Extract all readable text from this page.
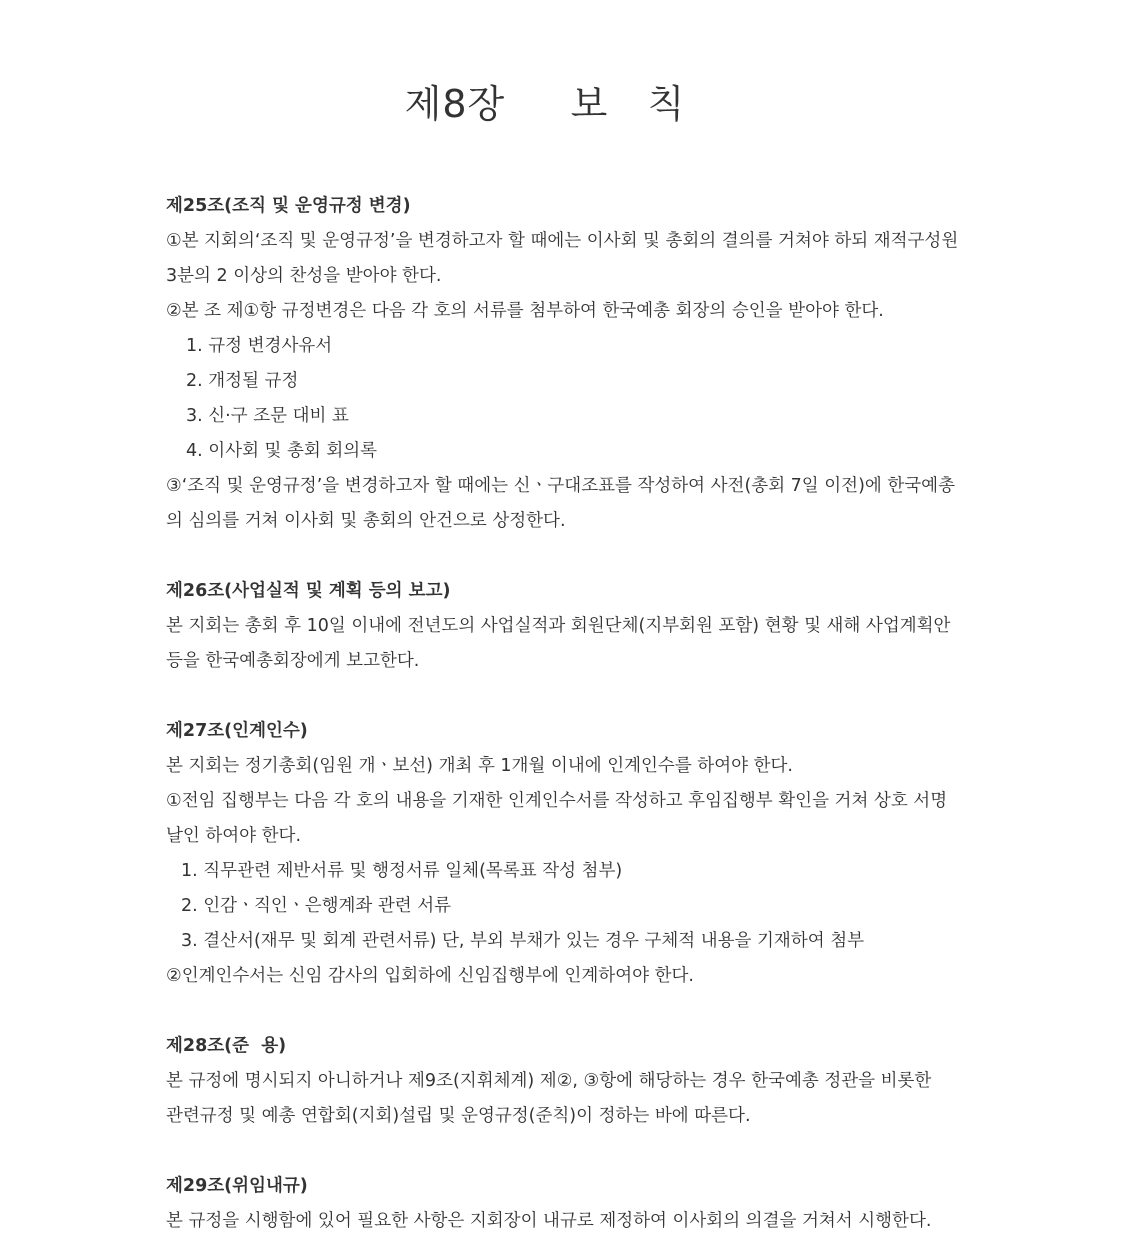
제8장     보   칙

제25조(조직 및 운영규정 변경)

①본 지회의‘조직 및 운영규정’을 변경하고자 할 때에는 이사회 및 총회의 결의를 거쳐야 하되 재적구성원

3분의 2 이상의 찬성을 받아야 한다.

②본 조 제①항 규정변경은 다음 각 호의 서류를 첨부하여 한국예총 회장의 승인을 받아야 한다.

1. 규정 변경사유서

2. 개정될 규정

3. 신·구 조문 대비 표

4. 이사회 및 총회 회의록

③‘조직 및 운영규정’을 변경하고자 할 때에는 신ㆍ구대조표를 작성하여 사전(총회 7일 이전)에 한국예총

의 심의를 거쳐 이사회 및 총회의 안건으로 상정한다.

제26조(사업실적 및 계획 등의 보고)

본 지회는 총회 후 10일 이내에 전년도의 사업실적과 회원단체(지부회원 포함) 현황 및 새해 사업계획안

등을 한국예총회장에게 보고한다.

제27조(인계인수)

본 지회는 정기총회(임원 개ㆍ보선) 개최 후 1개월 이내에 인계인수를 하여야 한다.

①전임 집행부는 다음 각 호의 내용을 기재한 인계인수서를 작성하고 후임집행부 확인을 거쳐 상호 서명

날인 하여야 한다.

1. 직무관련 제반서류 및 행정서류 일체(목록표 작성 첨부)

2. 인감ㆍ직인ㆍ은행계좌 관련 서류

3. 결산서(재무 및 회계 관련서류) 단, 부외 부채가 있는 경우 구체적 내용을 기재하여 첨부

②인계인수서는 신임 감사의 입회하에 신임집행부에 인계하여야 한다.

제28조(준  용)

본 규정에 명시되지 아니하거나 제9조(지휘체계) 제②, ③항에 해당하는 경우 한국예총 정관을 비롯한

관련규정 및 예총 연합회(지회)설립 및 운영규정(준칙)이 정하는 바에 따른다.

제29조(위임내규)

본 규정을 시행함에 있어 필요한 사항은 지회장이 내규로 제정하여 이사회의 의결을 거쳐서 시행한다.
